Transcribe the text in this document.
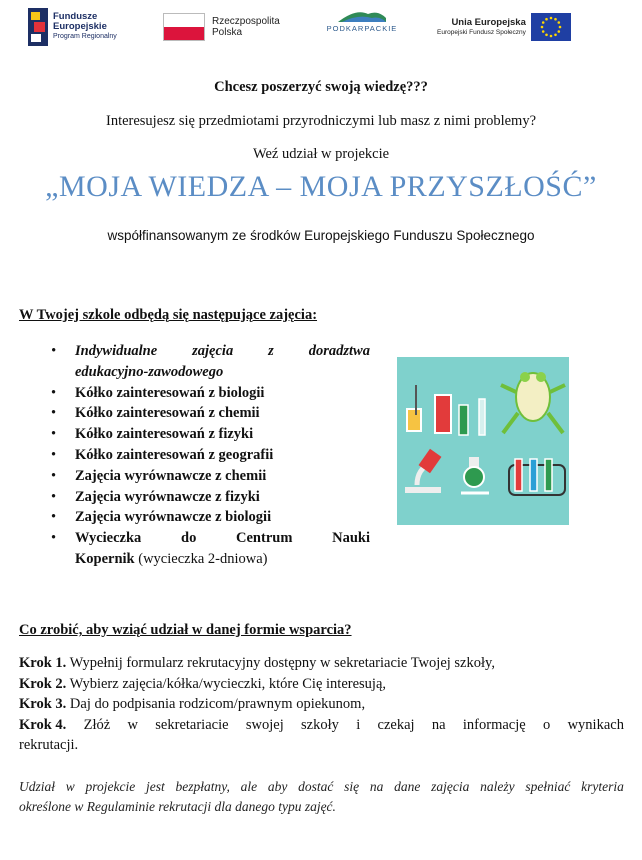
Fundusze
Europejskie
Program Regionalny
Rzeczpospolita
Polska	PODKARPACKIE
Unia Europejska
Europejski Fundusz Społeczny
Chcesz poszerzyć swoją wiedzę???
Interesujesz się przedmiotami przyrodniczymi lub masz z nimi problemy?
Weź udział w projekcie
„MOJA WIEDZA – MOJA PRZYSZŁOŚĆ”
współfinansowanym ze środków Europejskiego Funduszu Społecznego
W Twojej szkole odbędą się następujące zajęcia:
• Indywidualne zajęcia z doradztwa
edukacyjno-zawodowego
• Kółko zainteresowań z biologii
• Kółko zainteresowań z chemii
• Kółko zainteresowań z fizyki
• Kółko zainteresowań z geografii
• Zajęcia wyrównawcze z chemii
• Zajęcia wyrównawcze z fizyki
• Zajęcia wyrównawcze z biologii
• Wycieczka	do	Centrum	Nauki
Kopernik (wycieczka 2-dniowa)
Co zrobić, aby wziąć udział w danej formie wsparcia?

Krok 1. Wypełnij formularz rekrutacyjny dostępny w sekretariacie Twojej szkoły,

Krok 2. Wybierz zajęcia/kółka/wycieczki, które Cię interesują,

Krok 3. Daj do podpisania rodzicom/prawnym opiekunom,

Krok 4. Złóż w sekretariacie swojej szkoły i czekaj na informację o wynikach
rekrutacji.
Udział w projekcie jest bezpłatny, ale aby dostać się na dane zajęcia należy spełniać kryteria
określone w Regulaminie rekrutacji dla danego typu zajęć.
